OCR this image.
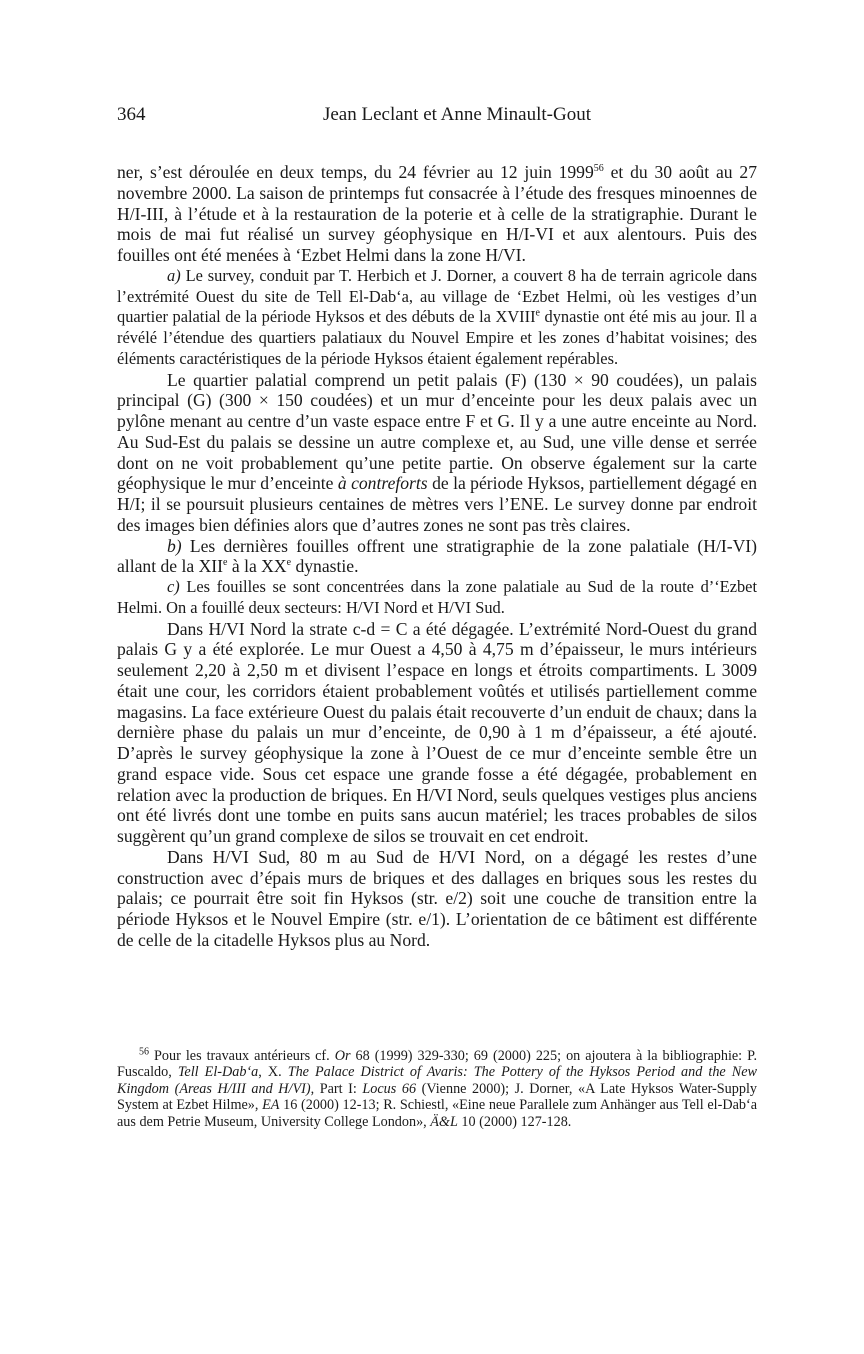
364	Jean Leclant et Anne Minault-Gout

ner, s’est déroulée en deux temps, du 24 février au 12 juin 1999$^{56}$ et du 30 août au 27 novembre 2000. La saison de printemps fut consacrée à l’étude des fresques minoennes de H/I-III, à l’étude et à la restauration de la poterie et à celle de la stratigraphie. Durant le mois de mai fut réalisé un survey géophysique en H/I-VI et aux alentours. Puis des fouilles ont été menées à ‘Ezbet Helmi dans la zone H/VI.

a) Le survey, conduit par T. Herbich et J. Dorner, a couvert 8 ha de terrain agricole dans l’extrémité Ouest du site de Tell El-Dab‘a, au village de ‘Ezbet Helmi, où les vestiges d’un quartier palatial de la période Hyksos et des débuts de la XVIIIe dynastie ont été mis au jour. Il a révélé l’étendue des quartiers palatiaux du Nouvel Empire et les zones d’habitat voisines; des éléments caractéristiques de la période Hyksos étaient également repérables.

Le quartier palatial comprend un petit palais (F) (130 × 90 coudées), un palais principal (G) (300 × 150 coudées) et un mur d’enceinte pour les deux palais avec un pylône menant au centre d’un vaste espace entre F et G. Il y a une autre enceinte au Nord. Au Sud-Est du palais se dessine un autre complexe et, au Sud, une ville dense et serrée dont on ne voit probablement qu’une petite partie. On observe également sur la carte géophysique le mur d’enceinte à contreforts de la période Hyksos, partiellement dégagé en H/I; il se poursuit plusieurs centaines de mètres vers l’ENE. Le survey donne par endroit des images bien définies alors que d’autres zones ne sont pas très claires.

b) Les dernières fouilles offrent une stratigraphie de la zone palatiale (H/I-VI) allant de la XIIe à la XXe dynastie.

c) Les fouilles se sont concentrées dans la zone palatiale au Sud de la route d’‘Ezbet Helmi. On a fouillé deux secteurs: H/VI Nord et H/VI Sud.

Dans H/VI Nord la strate c-d = C a été dégagée. L’extrémité Nord-Ouest du grand palais G y a été explorée. Le mur Ouest a 4,50 à 4,75 m d’épaisseur, le murs intérieurs seulement 2,20 à 2,50 m et divisent l’espace en longs et étroits compartiments. L 3009 était une cour, les corridors étaient probablement voûtés et utilisés partiellement comme magasins. La face extérieure Ouest du palais était recouverte d’un enduit de chaux; dans la dernière phase du palais un mur d’enceinte, de 0,90 à 1 m d’épaisseur, a été ajouté. D’après le survey géophysique la zone à l’Ouest de ce mur d’enceinte semble être un grand espace vide. Sous cet espace une grande fosse a été dégagée, probablement en relation avec la production de briques. En H/VI Nord, seuls quelques vestiges plus anciens ont été livrés dont une tombe en puits sans aucun matériel; les traces probables de silos suggèrent qu’un grand complexe de silos se trouvait en cet endroit.

Dans H/VI Sud, 80 m au Sud de H/VI Nord, on a dégagé les restes d’une construction avec d’épais murs de briques et des dallages en briques sous les restes du palais; ce pourrait être soit fin Hyksos (str. e/2) soit une couche de transition entre la période Hyksos et le Nouvel Empire (str. e/1). L’orientation de ce bâtiment est différente de celle de la citadelle Hyksos plus au Nord.

$^{56}$ Pour les travaux antérieurs cf. Or 68 (1999) 329-330; 69 (2000) 225; on ajoutera à la bibliographie: P. Fuscaldo, Tell El-Dab‘a, X. The Palace District of Avaris: The Pottery of the Hyksos Period and the New Kingdom (Areas H/III and H/VI), Part I: Locus 66 (Vienne 2000); J. Dorner, «A Late Hyksos Water-Supply System at Ezbet Hilme», EA 16 (2000) 12-13; R. Schiestl, «Eine neue Parallele zum Anhänger aus Tell el-Dab‘a aus dem Petrie Museum, University College London», Ä&L 10 (2000) 127-128.
